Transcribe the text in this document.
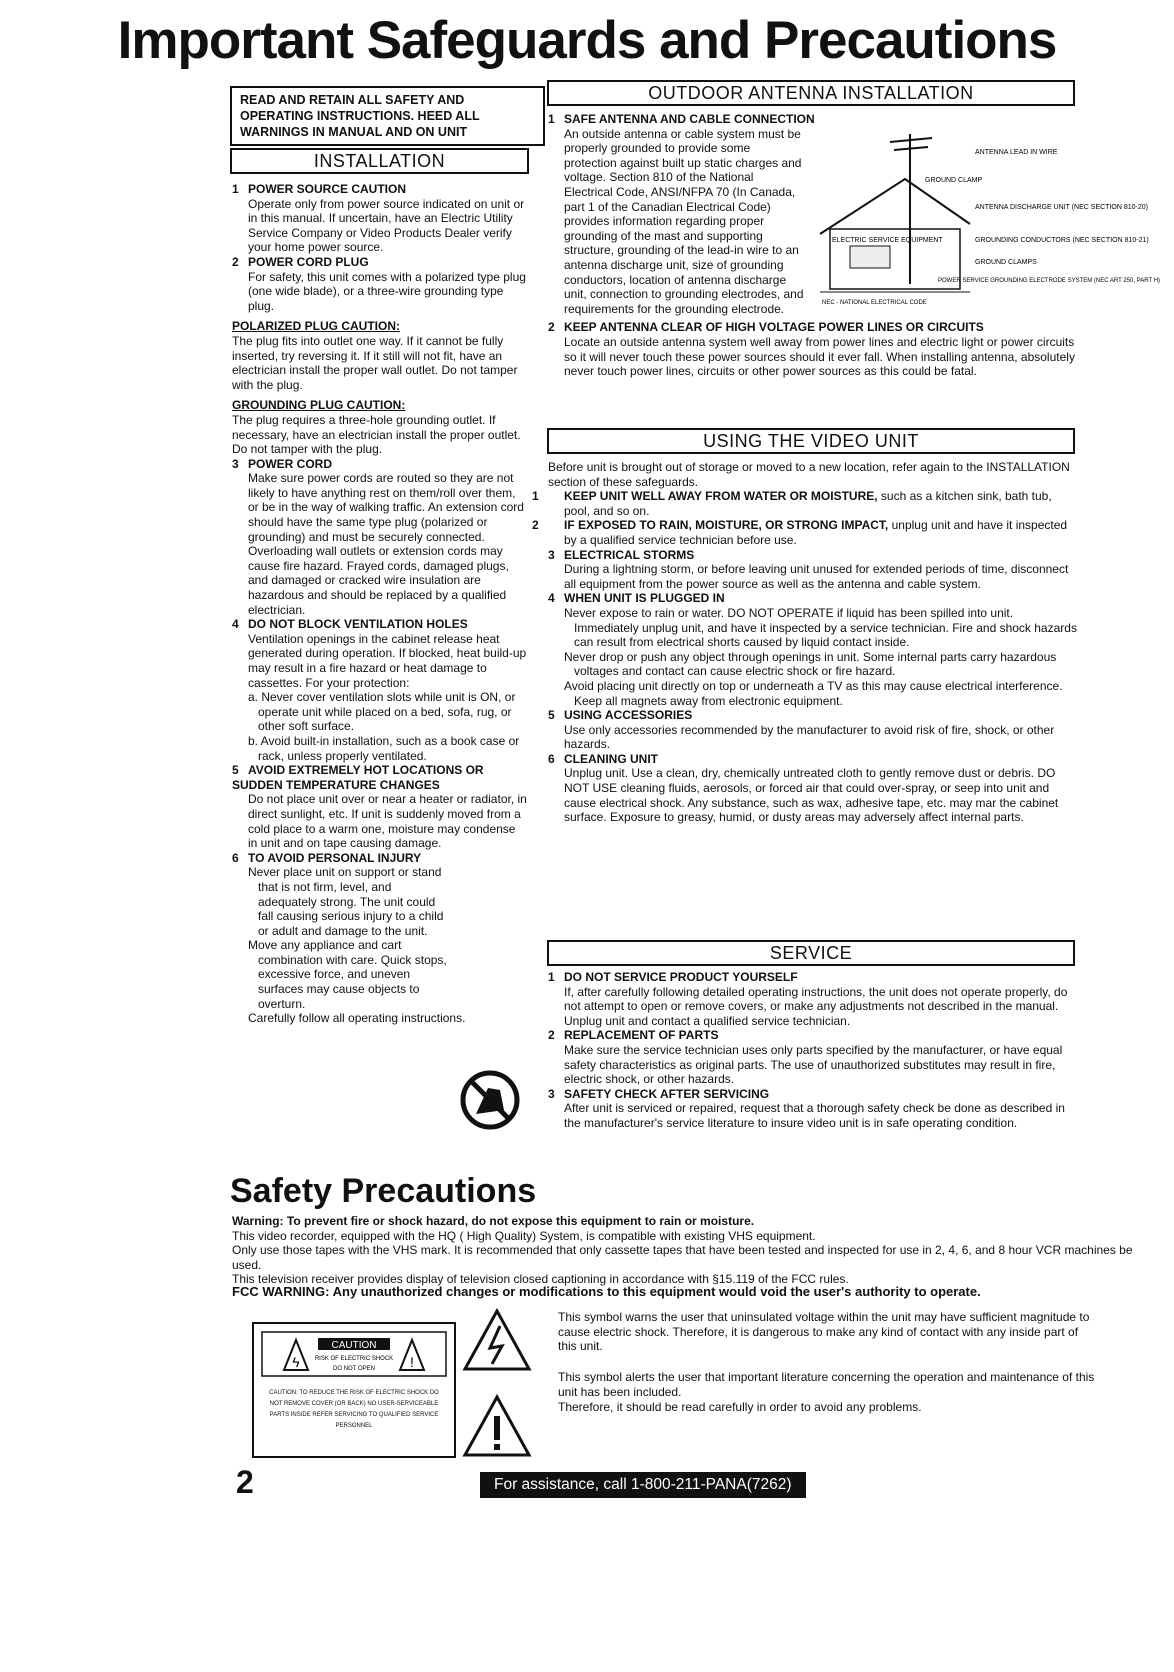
Important Safeguards and Precautions
READ AND RETAIN ALL SAFETY AND OPERATING INSTRUCTIONS. HEED ALL WARNINGS IN MANUAL AND ON UNIT
INSTALLATION
1 POWER SOURCE CAUTION
Operate only from power source indicated on unit or in this manual. If uncertain, have an Electric Utility Service Company or Video Products Dealer verify your home power source.
2 POWER CORD PLUG
For safety, this unit comes with a polarized type plug (one wide blade), or a three-wire grounding type plug.
POLARIZED PLUG CAUTION:
The plug fits into outlet one way. If it cannot be fully inserted, try reversing it. If it still will not fit, have an electrician install the proper wall outlet. Do not tamper with the plug.
GROUNDING PLUG CAUTION:
The plug requires a three-hole grounding outlet. If necessary, have an electrician install the proper outlet. Do not tamper with the plug.
3 POWER CORD
Make sure power cords are routed so they are not likely to have anything rest on them/roll over them, or be in the way of walking traffic. An extension cord should have the same type plug (polarized or grounding) and must be securely connected. Overloading wall outlets or extension cords may cause fire hazard. Frayed cords, damaged plugs, and damaged or cracked wire insulation are hazardous and should be replaced by a qualified electrician.
4 DO NOT BLOCK VENTILATION HOLES
Ventilation openings in the cabinet release heat generated during operation. If blocked, heat build-up may result in a fire hazard or heat damage to cassettes. For your protection:
a. Never cover ventilation slots while unit is ON, or operate unit while placed on a bed, sofa, rug, or other soft surface.
b. Avoid built-in installation, such as a book case or rack, unless properly ventilated.
5 AVOID EXTREMELY HOT LOCATIONS OR SUDDEN TEMPERATURE CHANGES
Do not place unit over or near a heater or radiator, in direct sunlight, etc. If unit is suddenly moved from a cold place to a warm one, moisture may condense in unit and on tape causing damage.
6 TO AVOID PERSONAL INJURY
Never place unit on support or stand that is not firm, level, and adequately strong. The unit could fall causing serious injury to a child or adult and damage to the unit.
Move any appliance and cart combination with care. Quick stops, excessive force, and uneven surfaces may cause objects to overturn.
Carefully follow all operating instructions.
OUTDOOR ANTENNA INSTALLATION
1 SAFE ANTENNA AND CABLE CONNECTION
An outside antenna or cable system must be properly grounded to provide some protection against built up static charges and voltage. Section 810 of the National Electrical Code, ANSI/NFPA 70 (In Canada, part 1 of the Canadian Electrical Code) provides information regarding proper grounding of the mast and supporting structure, grounding of the lead-in wire to an antenna discharge unit, size of grounding conductors, location of antenna discharge unit, connection to grounding electrodes, and requirements for the grounding electrode.
2 KEEP ANTENNA CLEAR OF HIGH VOLTAGE POWER LINES OR CIRCUITS
Locate an outside antenna system well away from power lines and electric light or power circuits so it will never touch these power sources should it ever fall. When installing antenna, absolutely never touch power lines, circuits or other power sources as this could be fatal.
ANTENNA LEAD IN WIRE
GROUND CLAMP
ANTENNA DISCHARGE UNIT (NEC SECTION 810-20)
ELECTRIC SERVICE EQUIPMENT	GROUNDING CONDUCTORS (NEC SECTION 810-21)
GROUND CLAMPS
POWER SERVICE GROUNDING ELECTRODE SYSTEM (NEC ART 250, PART H)
NEC - NATIONAL ELECTRICAL CODE
USING THE VIDEO UNIT
Before unit is brought out of storage or moved to a new location, refer again to the INSTALLATION section of these safeguards.
1 KEEP UNIT WELL AWAY FROM WATER OR MOISTURE, such as a kitchen sink, bath tub, pool, and so on.
2 IF EXPOSED TO RAIN, MOISTURE, OR STRONG IMPACT, unplug unit and have it inspected by a qualified service technician before use.
3 ELECTRICAL STORMS
During a lightning storm, or before leaving unit unused for extended periods of time, disconnect all equipment from the power source as well as the antenna and cable system.
4 WHEN UNIT IS PLUGGED IN
Never expose to rain or water. DO NOT OPERATE if liquid has been spilled into unit. Immediately unplug unit, and have it inspected by a service technician. Fire and shock hazards can result from electrical shorts caused by liquid contact inside.
Never drop or push any object through openings in unit. Some internal parts carry hazardous voltages and contact can cause electric shock or fire hazard.
Avoid placing unit directly on top or underneath a TV as this may cause electrical interference. Keep all magnets away from electronic equipment.
5 USING ACCESSORIES
Use only accessories recommended by the manufacturer to avoid risk of fire, shock, or other hazards.
6 CLEANING UNIT
Unplug unit. Use a clean, dry, chemically untreated cloth to gently remove dust or debris. DO NOT USE cleaning fluids, aerosols, or forced air that could over-spray, or seep into unit and cause electrical shock. Any substance, such as wax, adhesive tape, etc. may mar the cabinet surface. Exposure to greasy, humid, or dusty areas may adversely affect internal parts.
SERVICE
1 DO NOT SERVICE PRODUCT YOURSELF
If, after carefully following detailed operating instructions, the unit does not operate properly, do not attempt to open or remove covers, or make any adjustments not described in the manual. Unplug unit and contact a qualified service technician.
2 REPLACEMENT OF PARTS
Make sure the service technician uses only parts specified by the manufacturer, or have equal safety characteristics as original parts. The use of unauthorized substitutes may result in fire, electric shock, or other hazards.
3 SAFETY CHECK AFTER SERVICING
After unit is serviced or repaired, request that a thorough safety check be done as described in the manufacturer's service literature to insure video unit is in safe operating condition.
Safety Precautions
Warning: To prevent fire or shock hazard, do not expose this equipment to rain or moisture.
This video recorder, equipped with the HQ ( High Quality) System, is compatible with existing VHS equipment.
Only use those tapes with the VHS mark. It is recommended that only cassette tapes that have been tested and inspected for use in 2, 4, 6, and 8 hour VCR machines be used.
This television receiver provides display of television closed captioning in accordance with §15.119 of the FCC rules.
FCC WARNING: Any unauthorized changes or modifications to this equipment would void the user's authority to operate.
ϟ
CAUTION
RISK OF ELECTRIC SHOCK
DO NOT OPEN	!
CAUTION: TO REDUCE THE RISK OF ELECTRIC SHOCK DO NOT REMOVE COVER (OR BACK) NO USER-SERVICEABLE PARTS INSIDE REFER SERVICING TO QUALIFIED SERVICE PERSONNEL
This symbol warns the user that uninsulated voltage within the unit may have sufficient magnitude to cause electric shock. Therefore, it is dangerous to make any kind of contact with any inside part of this unit.
This symbol alerts the user that important literature concerning the operation and maintenance of this unit has been included.
Therefore, it should be read carefully in order to avoid any problems.
2	For assistance, call 1-800-211-PANA(7262)
